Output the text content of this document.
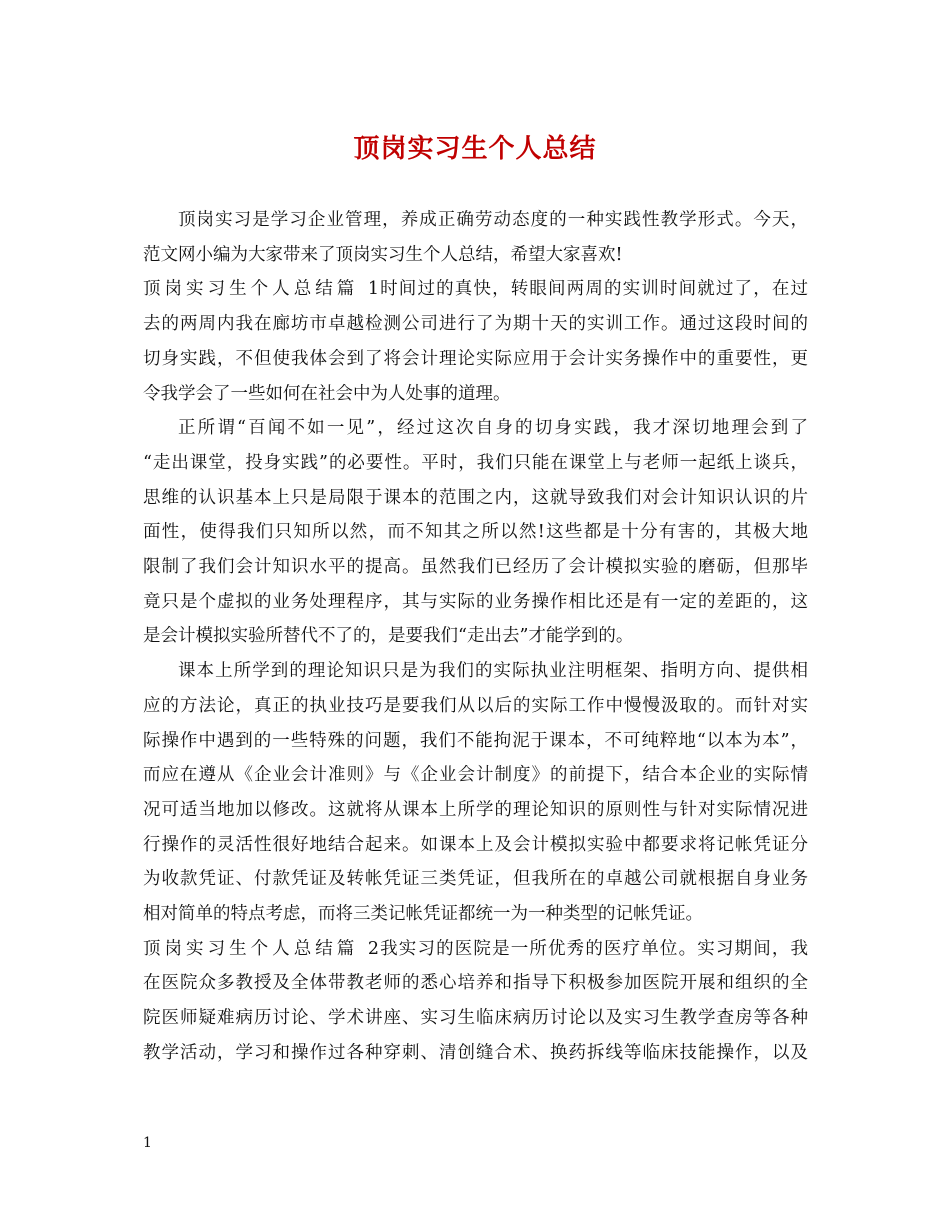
顶岗实习生个人总结

顶岗实习是学习企业管理，养成正确劳动态度的一种实践性教学形式。今天，
范文网小编为大家带来了顶岗实习生个人总结，希望大家喜欢!

顶岗实习生个人总结篇 1时间过的真快，转眼间两周的实训时间就过了，在过
去的两周内我在廊坊市卓越检测公司进行了为期十天的实训工作。通过这段时间的
切身实践，不但使我体会到了将会计理论实际应用于会计实务操作中的重要性，更
令我学会了一些如何在社会中为人处事的道理。

正所谓“百闻不如一见”，经过这次自身的切身实践，我才深切地理会到了
“走出课堂，投身实践”的必要性。平时，我们只能在课堂上与老师一起纸上谈兵，
思维的认识基本上只是局限于课本的范围之内，这就导致我们对会计知识认识的片
面性，使得我们只知所以然，而不知其之所以然!这些都是十分有害的，其极大地
限制了我们会计知识水平的提高。虽然我们已经历了会计模拟实验的磨砺，但那毕
竟只是个虚拟的业务处理程序，其与实际的业务操作相比还是有一定的差距的，这
是会计模拟实验所替代不了的，是要我们“走出去”才能学到的。

课本上所学到的理论知识只是为我们的实际执业注明框架、指明方向、提供相
应的方法论，真正的执业技巧是要我们从以后的实际工作中慢慢汲取的。而针对实
际操作中遇到的一些特殊的问题，我们不能拘泥于课本，不可纯粹地“以本为本”，
而应在遵从《企业会计准则》与《企业会计制度》的前提下，结合本企业的实际情
况可适当地加以修改。这就将从课本上所学的理论知识的原则性与针对实际情况进
行操作的灵活性很好地结合起来。如课本上及会计模拟实验中都要求将记帐凭证分
为收款凭证、付款凭证及转帐凭证三类凭证，但我所在的卓越公司就根据自身业务
相对简单的特点考虑，而将三类记帐凭证都统一为一种类型的记帐凭证。

顶岗实习生个人总结篇 2我实习的医院是一所优秀的医疗单位。实习期间，我
在医院众多教授及全体带教老师的悉心培养和指导下积极参加医院开展和组织的全
院医师疑难病历讨论、学术讲座、实习生临床病历讨论以及实习生教学查房等各种
教学活动，学习和操作过各种穿刺、清创缝合术、换药拆线等临床技能操作，以及

1
